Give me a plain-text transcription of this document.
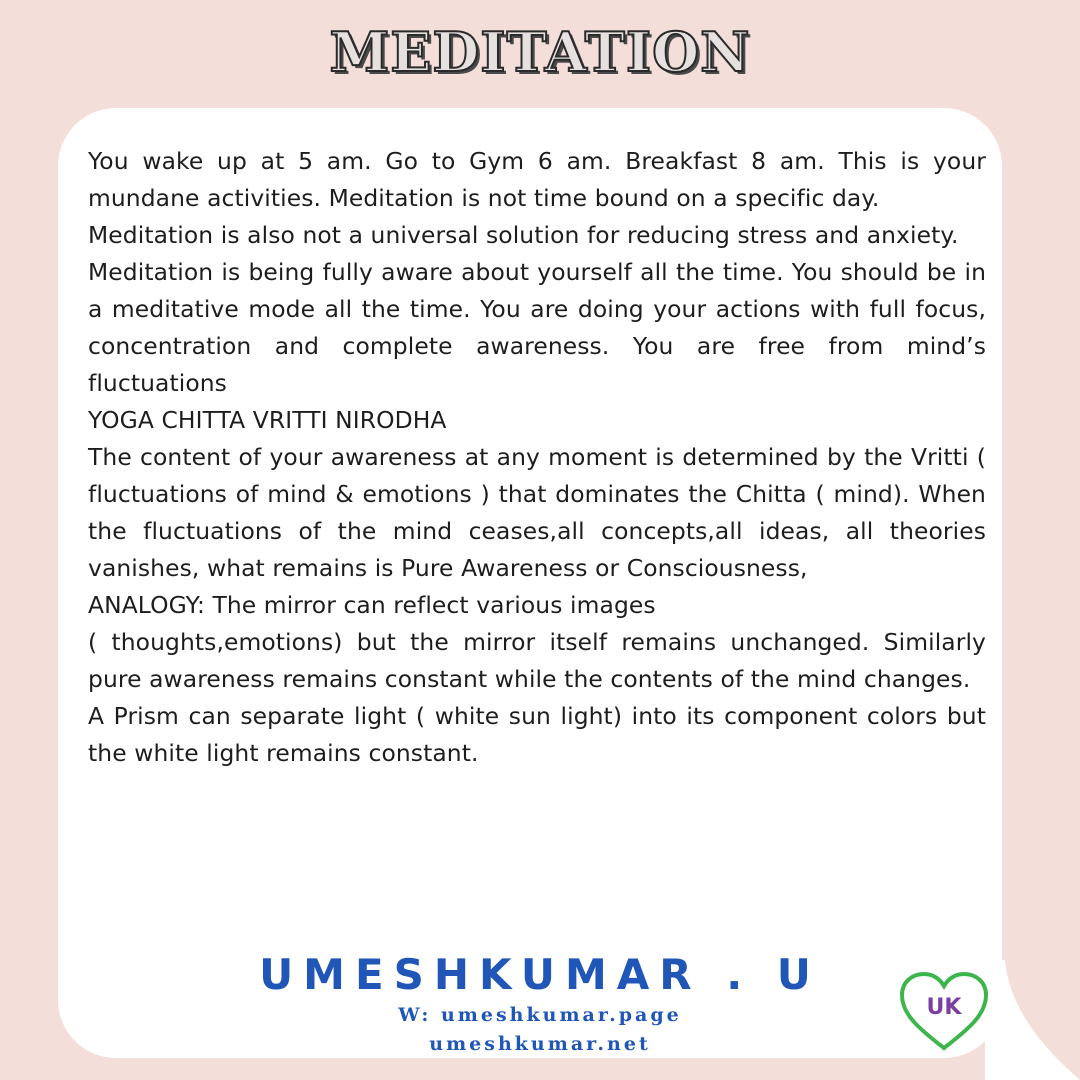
MEDITATION

You wake up at 5 am. Go to Gym 6 am. Breakfast 8 am. This is your mundane activities. Meditation is not time bound on a specific day.

Meditation is also not a universal solution for reducing stress and anxiety.

Meditation is being fully aware about yourself all the time. You should be in a meditative mode all the time. You are doing your actions with full focus, concentration and complete awareness. You are free from mind’s fluctuations

YOGA CHITTA VRITTI NIRODHA

The content of your awareness at any moment is determined by the Vritti ( fluctuations of mind & emotions ) that dominates the Chitta ( mind). When the fluctuations of the mind ceases,all concepts,all ideas, all theories vanishes, what remains is Pure Awareness or Consciousness,

ANALOGY: The mirror can reflect various images

( thoughts,emotions) but the mirror itself remains unchanged. Similarly pure awareness remains constant while the contents of the mind changes.

A Prism can separate light ( white sun light) into its component colors but the white light remains constant.

UMESHKUMAR . U
W: umeshkumar.page
umeshkumar.net
UK
